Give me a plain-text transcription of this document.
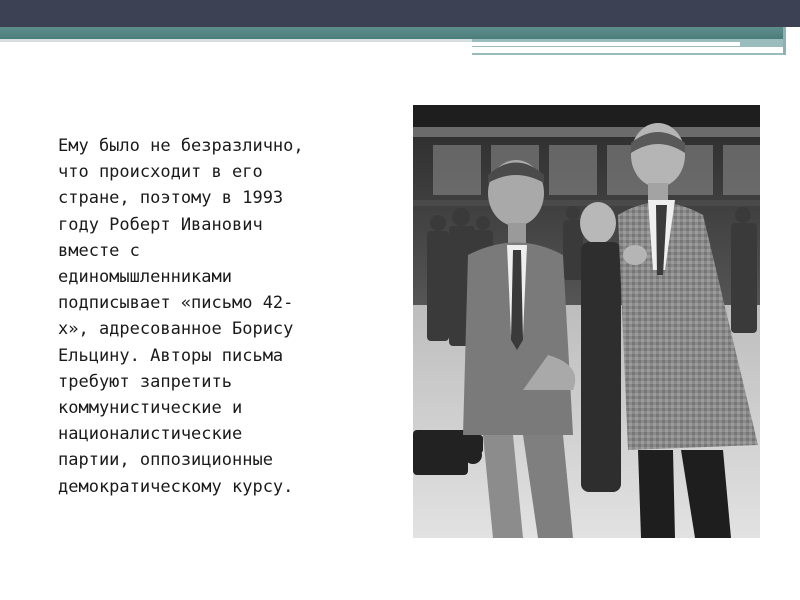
Ему было не безразлично,
что происходит в его
стране, поэтому в 1993
году Роберт Иванович
вместе с
единомышленниками
подписывает «письмо 42-
х», адресованное Борису
Ельцину. Авторы письма
требуют запретить
коммунистические и
националистические
партии, оппозиционные
демократическому курсу.
